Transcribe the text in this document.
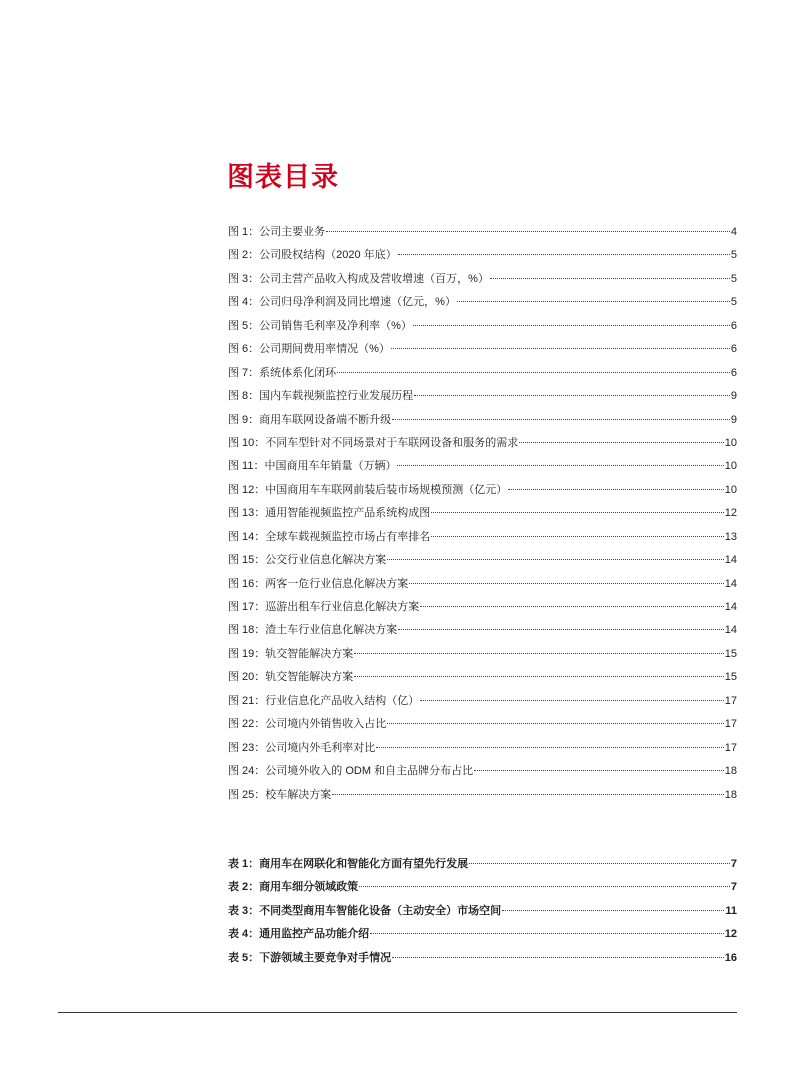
图表目录
图 1：公司主要业务	4
图 2：公司股权结构（2020 年底）	5
图 3：公司主营产品收入构成及营收增速（百万，%）	5
图 4：公司归母净利润及同比增速（亿元，%）	5
图 5：公司销售毛利率及净利率（%）	6
图 6：公司期间费用率情况（%）	6
图 7：系统体系化闭环	6
图 8：国内车载视频监控行业发展历程	9
图 9：商用车联网设备端不断升级	9
图 10：不同车型针对不同场景对于车联网设备和服务的需求	10
图 11：中国商用车年销量（万辆）	10
图 12：中国商用车车联网前装后装市场规模预测（亿元）	10
图 13：通用智能视频监控产品系统构成图	12
图 14：全球车载视频监控市场占有率排名	13
图 15：公交行业信息化解决方案	14
图 16：两客一危行业信息化解决方案	14
图 17：巡游出租车行业信息化解决方案	14
图 18：渣土车行业信息化解决方案	14
图 19：轨交智能解决方案	15
图 20：轨交智能解决方案	15
图 21：行业信息化产品收入结构（亿）	17
图 22：公司境内外销售收入占比	17
图 23：公司境内外毛利率对比	17
图 24：公司境外收入的 ODM 和自主品牌分布占比	18
图 25：校车解决方案	18
表 1：商用车在网联化和智能化方面有望先行发展	7
表 2：商用车细分领域政策	7
表 3：不同类型商用车智能化设备（主动安全）市场空间	11
表 4：通用监控产品功能介绍	12
表 5：下游领域主要竞争对手情况	16
